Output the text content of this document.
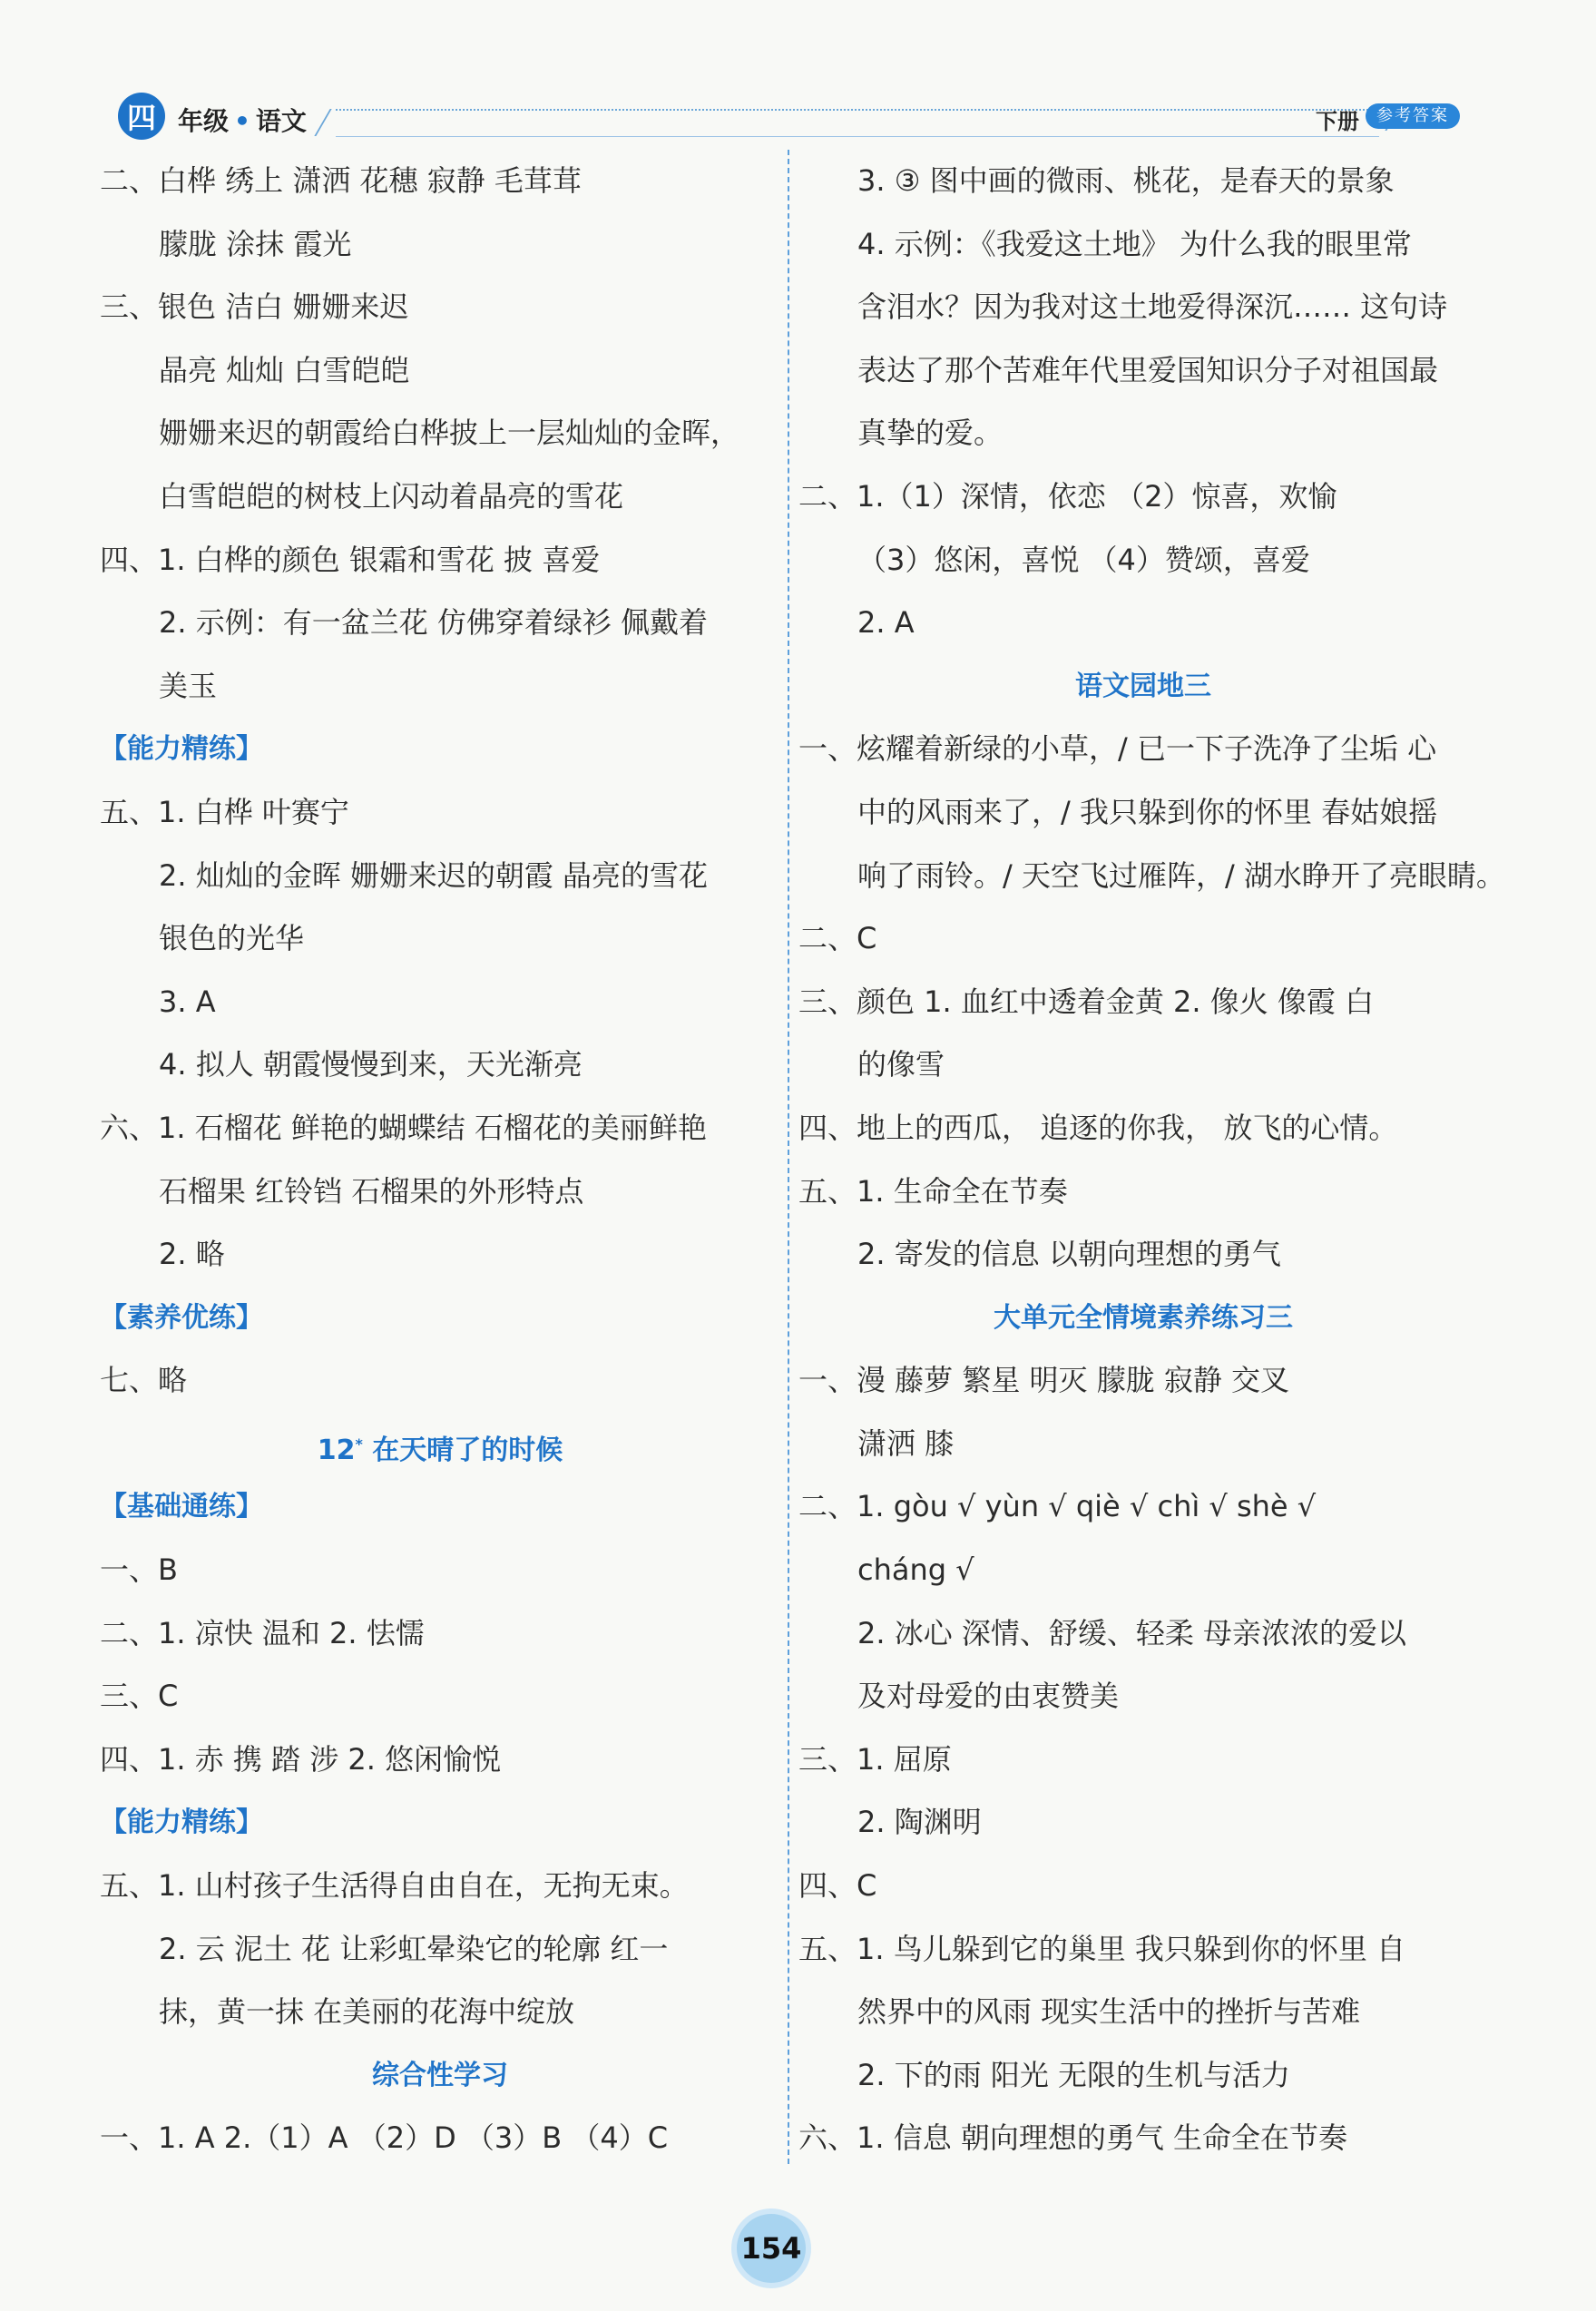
四 年级 • 语文	下册	参考答案
二、白桦 绣上 潇洒 花穗 寂静 毛茸茸
朦胧 涂抹 霞光
三、银色 洁白 姗姗来迟
晶亮 灿灿 白雪皑皑
姗姗来迟的朝霞给白桦披上一层灿灿的金晖，
白雪皑皑的树枝上闪动着晶亮的雪花
四、1. 白桦的颜色 银霜和雪花 披 喜爱
2. 示例：有一盆兰花 仿佛穿着绿衫 佩戴着
美玉
【能力精练】
五、1. 白桦 叶赛宁
2. 灿灿的金晖 姗姗来迟的朝霞 晶亮的雪花
银色的光华
3. A
4. 拟人 朝霞慢慢到来，天光渐亮
六、1. 石榴花 鲜艳的蝴蝶结 石榴花的美丽鲜艳
石榴果 红铃铛 石榴果的外形特点
2. 略
【素养优练】
七、略
12* 在天晴了的时候
【基础通练】
一、B
二、1. 凉快 温和 2. 怯懦
三、C
四、1. 赤 携 踏 涉 2. 悠闲愉悦
【能力精练】
五、1. 山村孩子生活得自由自在，无拘无束。
2. 云 泥土 花 让彩虹晕染它的轮廓 红一
抹，黄一抹 在美丽的花海中绽放
综合性学习
一、1. A 2.（1）A （2）D （3）B （4）C
3. ③ 图中画的微雨、桃花，是春天的景象
4. 示例：《我爱这土地》 为什么我的眼里常
含泪水？因为我对这土地爱得深沉…… 这句诗
表达了那个苦难年代里爱国知识分子对祖国最
真挚的爱。
二、1.（1）深情，依恋 （2）惊喜，欢愉
（3）悠闲，喜悦 （4）赞颂，喜爱
2. A
语文园地三
一、炫耀着新绿的小草，/ 已一下子洗净了尘垢 心
中的风雨来了，/ 我只躲到你的怀里 春姑娘摇
响了雨铃。/ 天空飞过雁阵，/ 湖水睁开了亮眼睛。
二、C
三、颜色 1. 血红中透着金黄 2. 像火 像霞 白
的像雪
四、地上的西瓜， 追逐的你我， 放飞的心情。
五、1. 生命全在节奏
2. 寄发的信息 以朝向理想的勇气
大单元全情境素养练习三
一、漫 藤萝 繁星 明灭 朦胧 寂静 交叉
潇洒 膝
二、1. gòu √ yùn √ qiè √ chì √ shè √
cháng √
2. 冰心 深情、舒缓、轻柔 母亲浓浓的爱以
及对母爱的由衷赞美
三、1. 屈原
2. 陶渊明
四、C
五、1. 鸟儿躲到它的巢里 我只躲到你的怀里 自
然界中的风雨 现实生活中的挫折与苦难
2. 下的雨 阳光 无限的生机与活力
六、1. 信息 朝向理想的勇气 生命全在节奏
154
